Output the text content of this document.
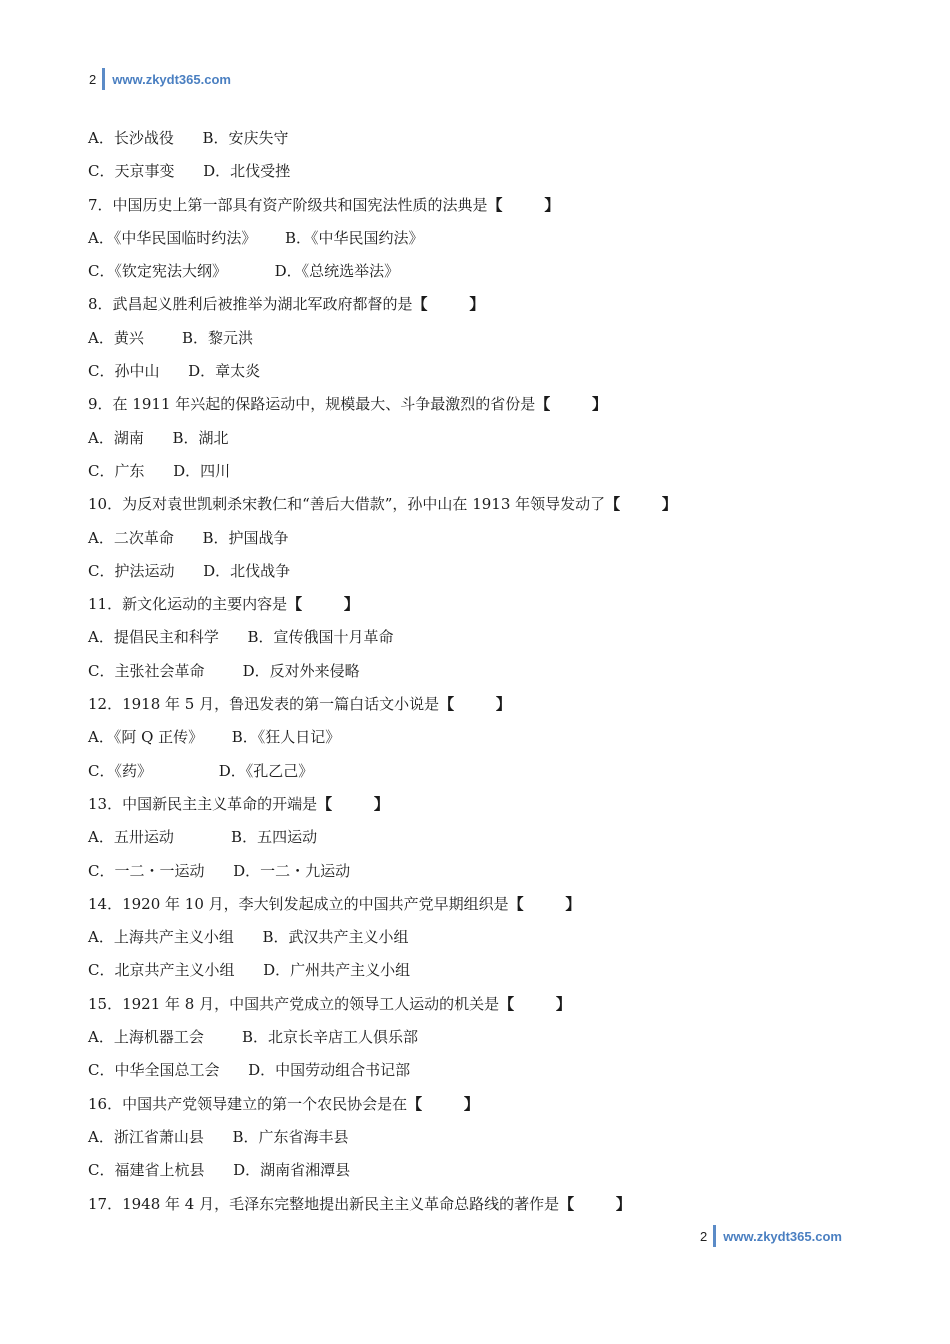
2 www.zkydt365.com
A．长沙战役      B．安庆失守
C．天京事变      D．北伐受挫
7．中国历史上第一部具有资产阶级共和国宪法性质的法典是【        】
A．《中华民国临时约法》      B．《中华民国约法》
C．《钦定宪法大纲》          D．《总统选举法》
8．武昌起义胜利后被推举为湖北军政府都督的是【        】
A．黄兴        B．黎元洪
C．孙中山      D．章太炎
9．在 1911 年兴起的保路运动中，规模最大、斗争最激烈的省份是【        】
A．湖南      B．湖北
C．广东      D．四川
10．为反对袁世凯刺杀宋教仁和“善后大借款”，孙中山在 1913 年领导发动了【        】
A．二次革命      B．护国战争
C．护法运动      D．北伐战争
11．新文化运动的主要内容是【        】
A．提倡民主和科学      B．宣传俄国十月革命
C．主张社会革命        D．反对外来侵略
12．1918 年 5 月，鲁迅发表的第一篇白话文小说是【        】
A．《阿 Q 正传》      B．《狂人日记》
C．《药》              D．《孔乙己》
13．中国新民主主义革命的开端是【        】
A．五卅运动            B．五四运动
C．一二・一运动      D．一二・九运动
14．1920 年 10 月，李大钊发起成立的中国共产党早期组织是【        】
A．上海共产主义小组      B．武汉共产主义小组
C．北京共产主义小组      D．广州共产主义小组
15．1921 年 8 月，中国共产党成立的领导工人运动的机关是【        】
A．上海机器工会        B．北京长辛店工人俱乐部
C．中华全国总工会      D．中国劳动组合书记部
16．中国共产党领导建立的第一个农民协会是在【        】
A．浙江省萧山县      B．广东省海丰县
C．福建省上杭县      D．湖南省湘潭县
17．1948 年 4 月，毛泽东完整地提出新民主主义革命总路线的著作是【        】
2 www.zkydt365.com
